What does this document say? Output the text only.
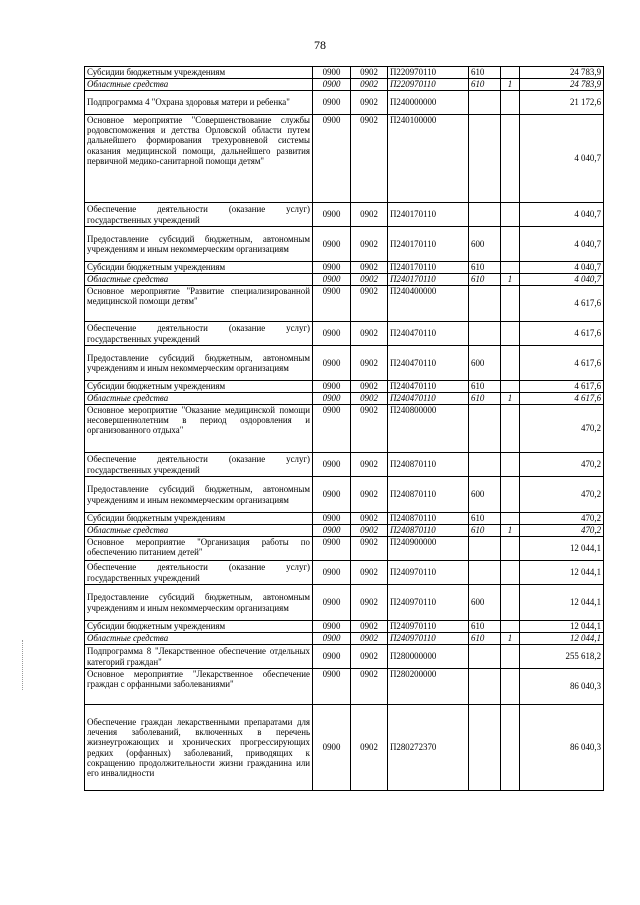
78
Субсидии бюджетным учреждениям	0900	0902	П220970110	610		24 783,9
Областные средства	0900	0902	П220970110	610	1	24 783,9
Подпрограмма 4 "Охрана здоровья матери и ребенка"	0900	0902	П240000000			21 172,6
Основное мероприятие "Совершенствование службы родовспоможения и детства Орловской области путем дальнейшего формирования трехуровневой системы оказания медицинской помощи, дальнейшего развития первичной медико-санитарной помощи детям"	0900	0902	П240100000			4 040,7
Обеспечение деятельности (оказание услуг) государственных учреждений	0900	0902	П240170110			4 040,7
Предоставление субсидий бюджетным, автономным учреждениям и иным некоммерческим организациям	0900	0902	П240170110	600		4 040,7
Субсидии бюджетным учреждениям	0900	0902	П240170110	610		4 040,7
Областные средства	0900	0902	П240170110	610	1	4 040,7
Основное мероприятие "Развитие специализированной медицинской помощи детям"	0900	0902	П240400000			4 617,6
Обеспечение деятельности (оказание услуг) государственных учреждений	0900	0902	П240470110			4 617,6
Предоставление субсидий бюджетным, автономным учреждениям и иным некоммерческим организациям	0900	0902	П240470110	600		4 617,6
Субсидии бюджетным учреждениям	0900	0902	П240470110	610		4 617,6
Областные средства	0900	0902	П240470110	610	1	4 617,6
Основное мероприятие "Оказание медицинской помощи несовершеннолетним в период оздоровления и организованного отдыха"	0900	0902	П240800000			470,2
Обеспечение деятельности (оказание услуг) государственных учреждений	0900	0902	П240870110			470,2
Предоставление субсидий бюджетным, автономным учреждениям и иным некоммерческим организациям	0900	0902	П240870110	600		470,2
Субсидии бюджетным учреждениям	0900	0902	П240870110	610		470,2
Областные средства	0900	0902	П240870110	610	1	470,2
Основное мероприятие "Организация работы по обеспечению питанием детей"	0900	0902	П240900000			12 044,1
Обеспечение деятельности (оказание услуг) государственных учреждений	0900	0902	П240970110			12 044,1
Предоставление субсидий бюджетным, автономным учреждениям и иным некоммерческим организациям	0900	0902	П240970110	600		12 044,1
Субсидии бюджетным учреждениям	0900	0902	П240970110	610		12 044,1
Областные средства	0900	0902	П240970110	610	1	12 044,1
Подпрограмма 8 "Лекарственное обеспечение отдельных категорий граждан"	0900	0902	П280000000			255 618,2
Основное мероприятие "Лекарственное обеспечение граждан с орфанными заболеваниями"	0900	0902	П280200000			86 040,3
Обеспечение граждан лекарственными препаратами для лечения заболеваний, включенных в перечень жизнеугрожающих и хронических прогрессирующих редких (орфанных) заболеваний, приводящих к сокращению продолжительности жизни гражданина или его инвалидности	0900	0902	П280272370			86 040,3
